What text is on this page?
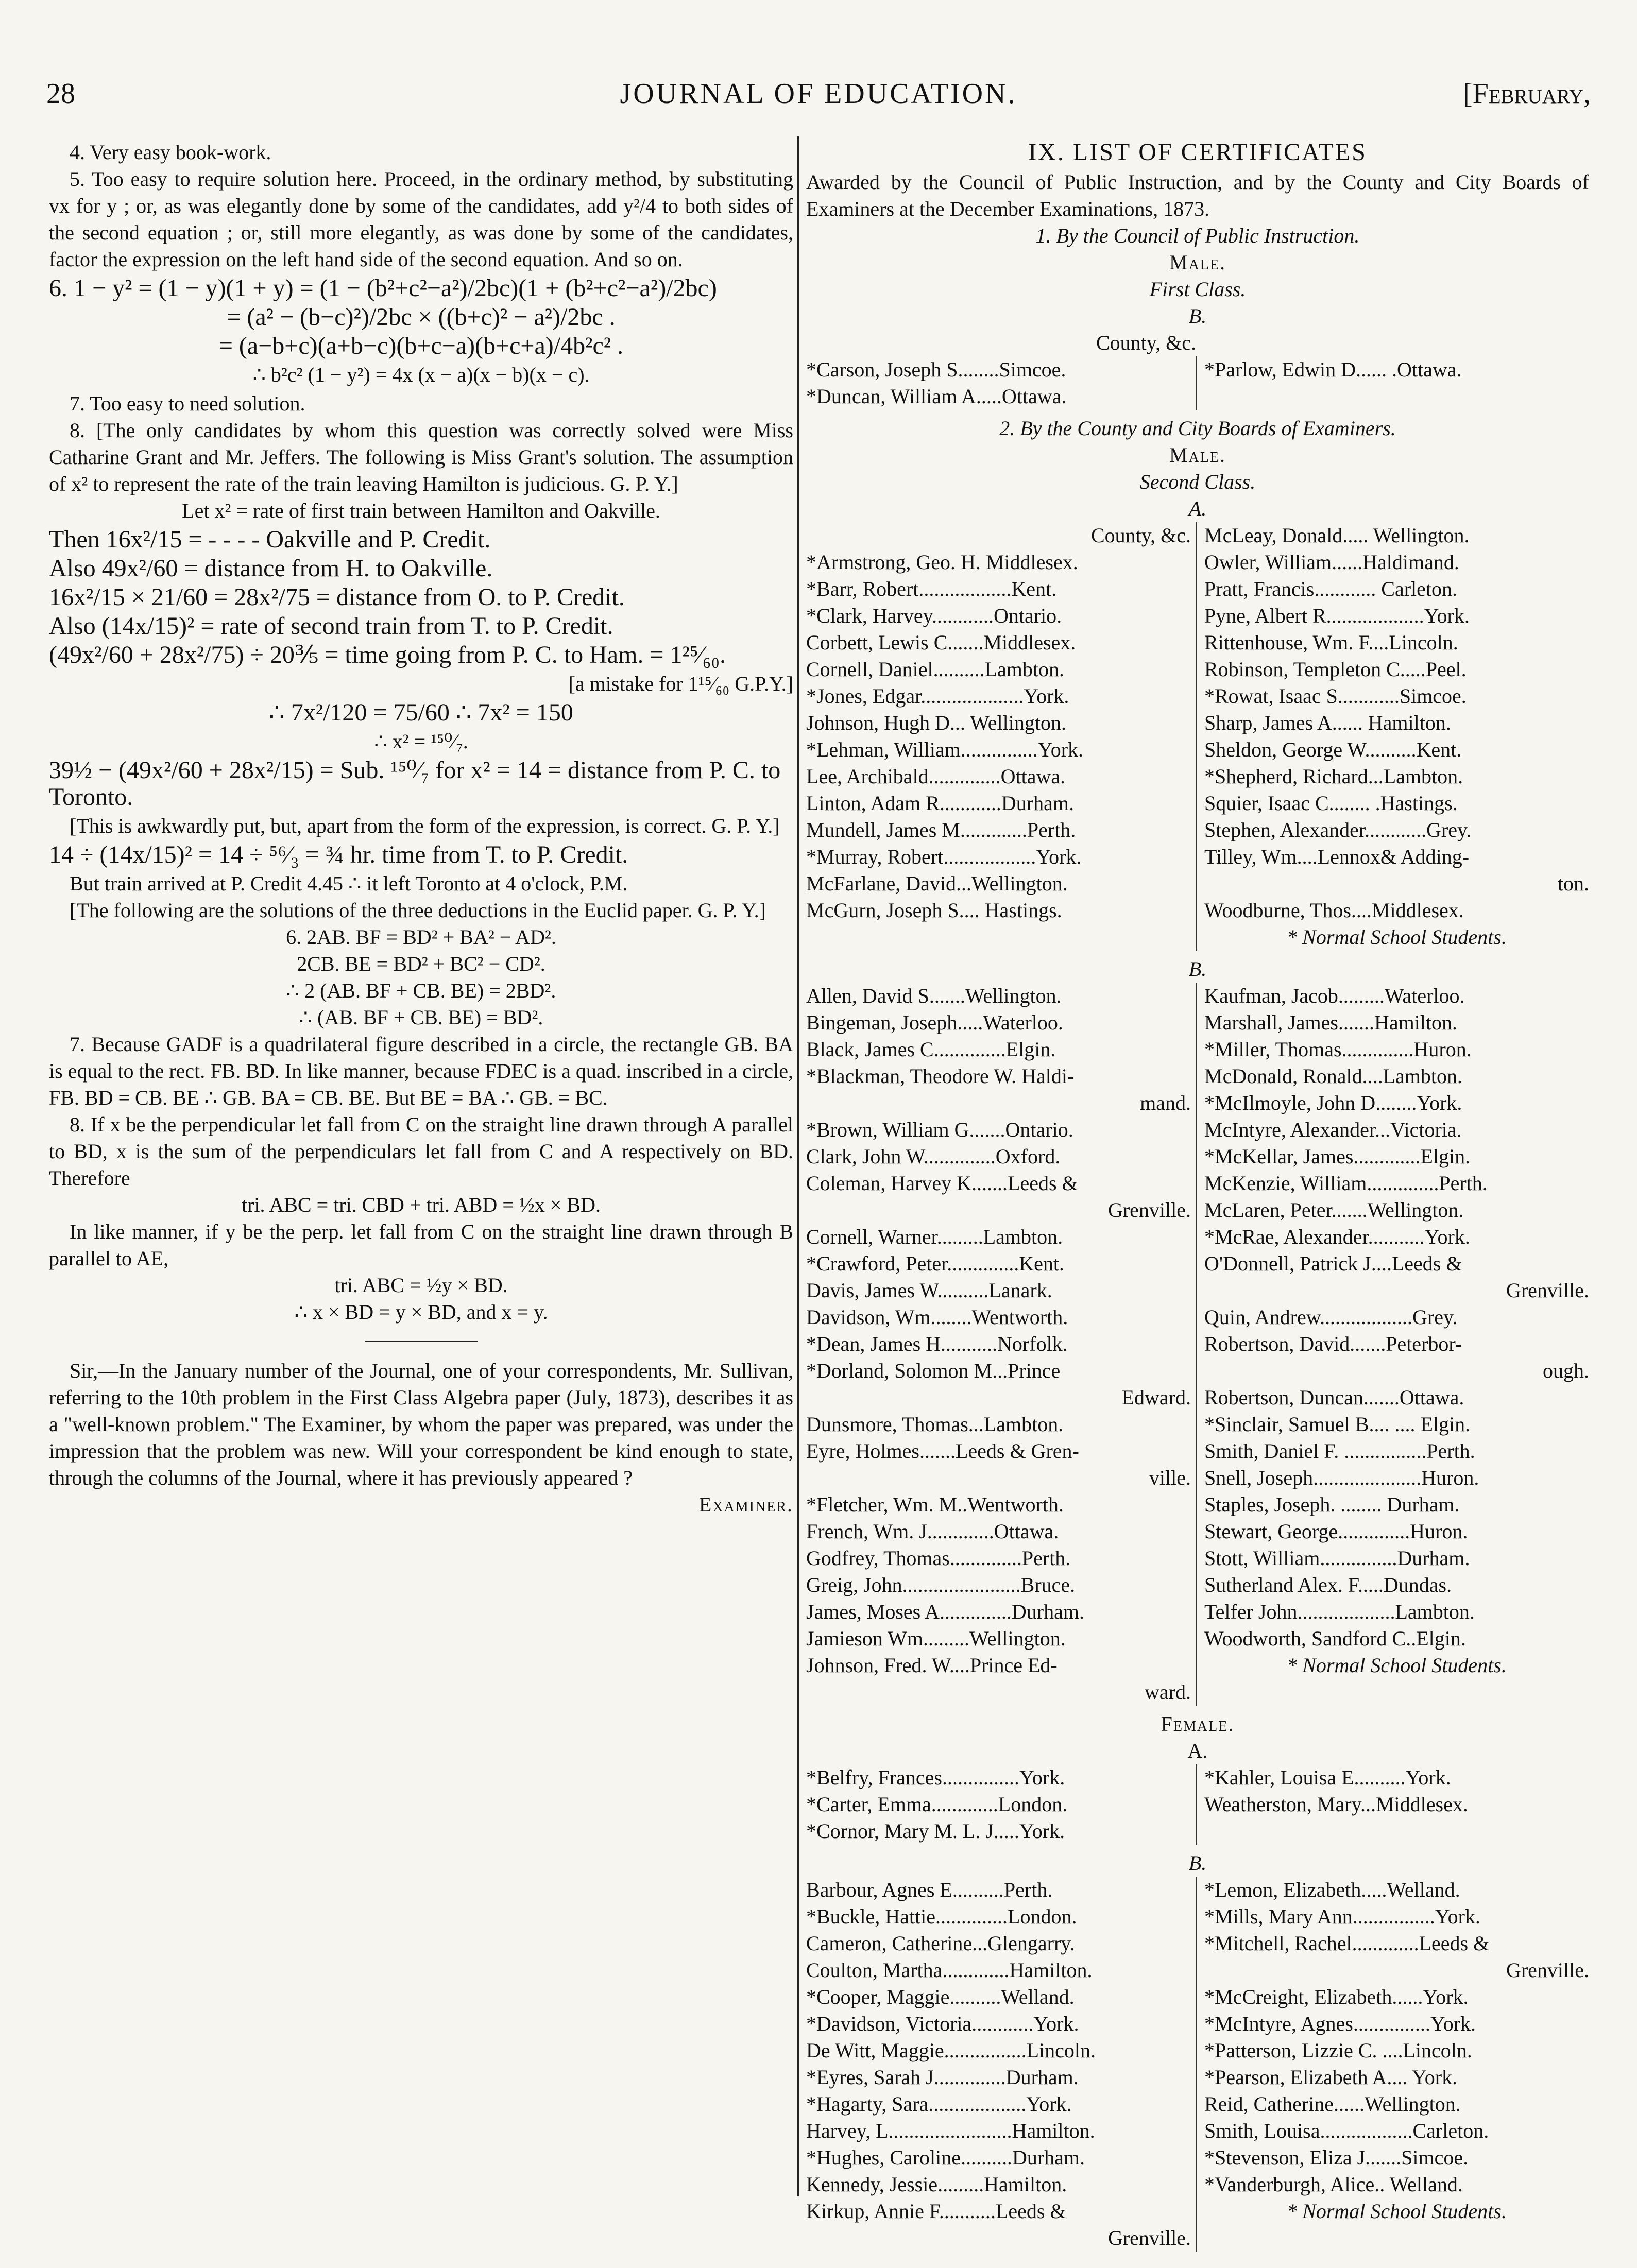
28	JOURNAL OF EDUCATION.	[February,

4. Very easy book-work.

5. Too easy to require solution here. Proceed, in the ordinary method, by substituting vx for y ; or, as was elegantly done by some of the candidates, add y²/4 to both sides of the second equation ; or, still more elegantly, as was done by some of the candidates, factor the expression on the left hand side of the second equation. And so on.

6. 1 − y² = (1 − y)(1 + y) = (1 − (b²+c²−a²)/2bc)(1 + (b²+c²−a²)/2bc)

= (a² − (b−c)²)/2bc × ((b+c)² − a²)/2bc .

= (a−b+c)(a+b−c)(b+c−a)(b+c+a)/4b²c² .

∴ b²c² (1 − y²) = 4x (x − a)(x − b)(x − c).

7. Too easy to need solution.

8. [The only candidates by whom this question was correctly solved were Miss Catharine Grant and Mr. Jeffers. The following is Miss Grant's solution. The assumption of x² to represent the rate of the train leaving Hamilton is judicious. G. P. Y.]

Let x² = rate of first train between Hamilton and Oakville.

Then 16x²/15 = - - - - Oakville and P. Credit.

Also 49x²/60 = distance from H. to Oakville.

16x²/15 × 21/60 = 28x²/75 = distance from O. to P. Credit.

Also (14x/15)² = rate of second train from T. to P. Credit.

(49x²/60 + 28x²/75) ÷ 20⅗ = time going from P. C. to Ham. = 1²⁵⁄₆₀.

[a mistake for 1¹⁵⁄₆₀ G.P.Y.]

∴ 7x²/120 = 75/60 ∴ 7x² = 150

∴ x² = ¹⁵⁰⁄₇.

39½ − (49x²/60 + 28x²/15) = Sub. ¹⁵⁰⁄₇ for x² = 14 = distance from P. C. to Toronto.

[This is awkwardly put, but, apart from the form of the expression, is correct. G. P. Y.]

14 ÷ (14x/15)² = 14 ÷ ⁵⁶⁄₃ = ¾ hr. time from T. to P. Credit.

But train arrived at P. Credit 4.45 ∴ it left Toronto at 4 o'clock, P.M.

[The following are the solutions of the three deductions in the Euclid paper. G. P. Y.]

6. 2AB. BF = BD² + BA² − AD².

2CB. BE = BD² + BC² − CD².

∴ 2 (AB. BF + CB. BE) = 2BD².

∴ (AB. BF + CB. BE) = BD².

7. Because GADF is a quadrilateral figure described in a circle, the rectangle GB. BA is equal to the rect. FB. BD. In like manner, because FDEC is a quad. inscribed in a circle, FB. BD = CB. BE ∴ GB. BA = CB. BE. But BE = BA ∴ GB. = BC.

8. If x be the perpendicular let fall from C on the straight line drawn through A parallel to BD, x is the sum of the perpendiculars let fall from C and A respectively on BD. Therefore

tri. ABC = tri. CBD + tri. ABD = ½x × BD.

In like manner, if y be the perp. let fall from C on the straight line drawn through B parallel to AE,

tri. ABC = ½y × BD.

∴ x × BD = y × BD, and x = y.

Sir,—In the January number of the Journal, one of your correspondents, Mr. Sullivan, referring to the 10th problem in the First Class Algebra paper (July, 1873), describes it as a "well-known problem." The Examiner, by whom the paper was prepared, was under the impression that the problem was new. Will your correspondent be kind enough to state, through the columns of the Journal, where it has previously appeared ?

Examiner.

IX. LIST OF CERTIFICATES

Awarded by the Council of Public Instruction, and by the County and City Boards of Examiners at the December Examinations, 1873.

1. By the Council of Public Instruction.

Male.

First Class.

B.

County, &c.

*Carson, Joseph S........Simcoe.
*Duncan, William A.....Ottawa.
*Parlow, Edwin D...... .Ottawa.

2. By the County and City Boards of Examiners.

Male.

Second Class.

A.

County, &c.

*Armstrong, Geo. H. Middlesex.
*Barr, Robert..................Kent.
*Clark, Harvey............Ontario.
Corbett, Lewis C.......Middlesex.
Cornell, Daniel..........Lambton.
*Jones, Edgar....................York.
Johnson, Hugh D... Wellington.
*Lehman, William...............York.
Lee, Archibald..............Ottawa.
Linton, Adam R............Durham.
Mundell, James M.............Perth.
*Murray, Robert..................York.
McFarlane, David...Wellington.
McGurn, Joseph S.... Hastings.
McLeay, Donald..... Wellington.
Owler, William......Haldimand.
Pratt, Francis............ Carleton.
Pyne, Albert R...................York.
Rittenhouse, Wm. F....Lincoln.
Robinson, Templeton C.....Peel.
*Rowat, Isaac S............Simcoe.
Sharp, James A...... Hamilton.
Sheldon, George W..........Kent.
*Shepherd, Richard...Lambton.
Squier, Isaac C........ .Hastings.
Stephen, Alexander............Grey.
Tilley, Wm....Lennox& Adding-
ton.
Woodburne, Thos....Middlesex.

* Normal School Students.

B.

Allen, David S.......Wellington.
Bingeman, Joseph.....Waterloo.
Black, James C..............Elgin.
*Blackman, Theodore W. Haldi-
mand.
*Brown, William G.......Ontario.
Clark, John W..............Oxford.
Coleman, Harvey K.......Leeds &
Grenville.
Cornell, Warner.........Lambton.
*Crawford, Peter..............Kent.
Davis, James W..........Lanark.
Davidson, Wm........Wentworth.
*Dean, James H...........Norfolk.
*Dorland, Solomon M...Prince
Edward.
Dunsmore, Thomas...Lambton.
Eyre, Holmes.......Leeds & Gren-
ville.
*Fletcher, Wm. M..Wentworth.
French, Wm. J.............Ottawa.
Godfrey, Thomas..............Perth.
Greig, John.......................Bruce.
James, Moses A..............Durham.
Jamieson Wm.........Wellington.
Johnson, Fred. W....Prince Ed-
ward.
Kaufman, Jacob.........Waterloo.
Marshall, James.......Hamilton.
*Miller, Thomas..............Huron.
McDonald, Ronald....Lambton.
*McIlmoyle, John D........York.
McIntyre, Alexander...Victoria.
*McKellar, James.............Elgin.
McKenzie, William..............Perth.
McLaren, Peter.......Wellington.
*McRae, Alexander...........York.
O'Donnell, Patrick J....Leeds &
Grenville.
Quin, Andrew..................Grey.
Robertson, David.......Peterbor-
ough.
Robertson, Duncan.......Ottawa.
*Sinclair, Samuel B.... .... Elgin.
Smith, Daniel F. ................Perth.
Snell, Joseph.....................Huron.
Staples, Joseph. ........ Durham.
Stewart, George..............Huron.
Stott, William...............Durham.
Sutherland Alex. F.....Dundas.
Telfer John...................Lambton.
Woodworth, Sandford C..Elgin.

* Normal School Students.

Female.

A.

*Belfry, Frances...............York.
*Carter, Emma.............London.
*Cornor, Mary M. L. J.....York.
*Kahler, Louisa E..........York.
Weatherston, Mary...Middlesex.

B.

Barbour, Agnes E..........Perth.
*Buckle, Hattie..............London.
Cameron, Catherine...Glengarry.
Coulton, Martha.............Hamilton.
*Cooper, Maggie..........Welland.
*Davidson, Victoria............York.
De Witt, Maggie................Lincoln.
*Eyres, Sarah J..............Durham.
*Hagarty, Sara...................York.
Harvey, L........................Hamilton.
*Hughes, Caroline..........Durham.
Kennedy, Jessie.........Hamilton.
Kirkup, Annie F...........Leeds &
Grenville.
*Lemon, Elizabeth.....Welland.
*Mills, Mary Ann................York.
*Mitchell, Rachel.............Leeds &
Grenville.
*McCreight, Elizabeth......York.
*McIntyre, Agnes...............York.
*Patterson, Lizzie C. ....Lincoln.
*Pearson, Elizabeth A.... York.
Reid, Catherine......Wellington.
Smith, Louisa..................Carleton.
*Stevenson, Eliza J.......Simcoe.
*Vanderburgh, Alice.. Welland.

* Normal School Students.
